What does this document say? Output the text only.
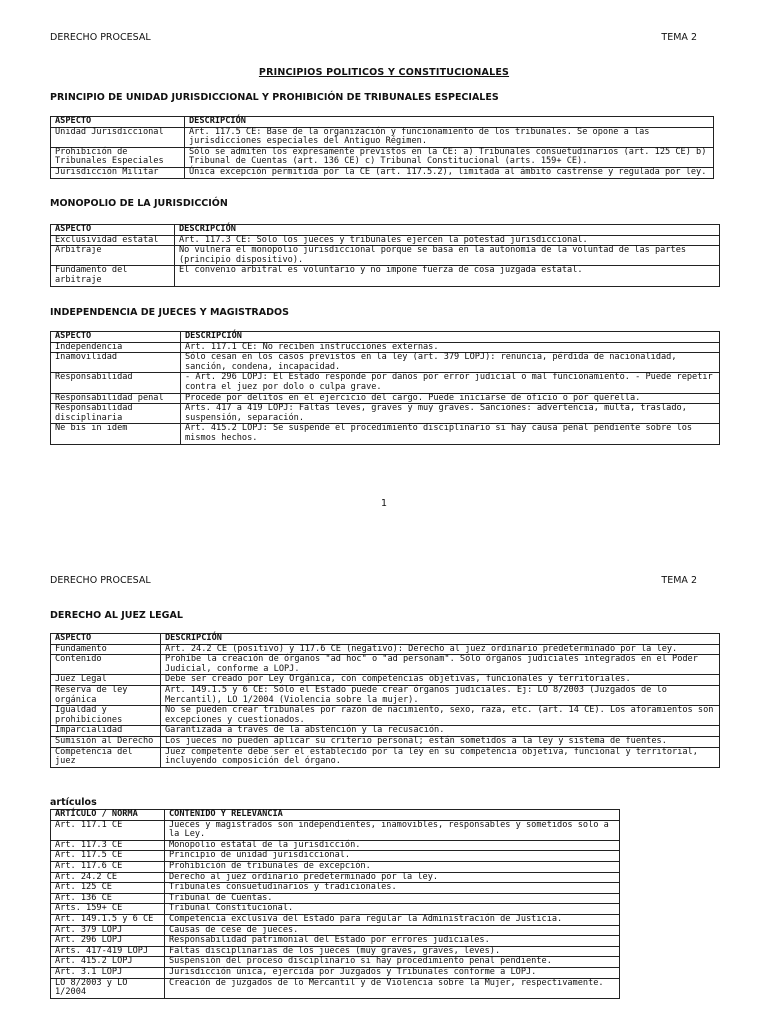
DERECHO PROCESAL	TEMA 2
PRINCIPIOS POLITICOS Y CONSTITUCIONALES
PRINCIPIO DE UNIDAD JURISDICCIONAL Y PROHIBICIÓN DE TRIBUNALES ESPECIALES
ASPECTO	DESCRIPCIÓN
Unidad Jurisdiccional	Art. 117.5 CE: Base de la organización y funcionamiento de los tribunales. Se opone a las jurisdicciones especiales del Antiguo Régimen.
Prohibición de Tribunales Especiales	Sólo se admiten los expresamente previstos en la CE: a) Tribunales consuetudinarios (art. 125 CE) b) Tribunal de Cuentas (art. 136 CE) c) Tribunal Constitucional (arts. 159+ CE).
Jurisdicción Militar	Única excepción permitida por la CE (art. 117.5.2), limitada al ámbito castrense y regulada por ley.
MONOPOLIO DE LA JURISDICCIÓN
ASPECTO	DESCRIPCIÓN
Exclusividad estatal	Art. 117.3 CE: Solo los jueces y tribunales ejercen la potestad jurisdiccional.
Arbitraje	No vulnera el monopolio jurisdiccional porque se basa en la autonomía de la voluntad de las partes (principio dispositivo).
Fundamento del arbitraje	El convenio arbitral es voluntario y no impone fuerza de cosa juzgada estatal.
INDEPENDENCIA DE JUECES Y MAGISTRADOS
ASPECTO	DESCRIPCIÓN
Independencia	Art. 117.1 CE: No reciben instrucciones externas.
Inamovilidad	Sólo cesan en los casos previstos en la ley (art. 379 LOPJ): renuncia, pérdida de nacionalidad, sanción, condena, incapacidad.
Responsabilidad	- Art. 296 LOPJ: El Estado responde por daños por error judicial o mal funcionamiento. - Puede repetir contra el juez por dolo o culpa grave.
Responsabilidad penal	Procede por delitos en el ejercicio del cargo. Puede iniciarse de oficio o por querella.
Responsabilidad disciplinaria	Arts. 417 a 419 LOPJ: Faltas leves, graves y muy graves. Sanciones: advertencia, multa, traslado, suspensión, separación.
Ne bis in idem	Art. 415.2 LOPJ: Se suspende el procedimiento disciplinario si hay causa penal pendiente sobre los mismos hechos.
1
DERECHO PROCESAL	TEMA 2
DERECHO AL JUEZ LEGAL
ASPECTO	DESCRIPCIÓN
Fundamento	Art. 24.2 CE (positivo) y 117.6 CE (negativo): Derecho al juez ordinario predeterminado por la ley.
Contenido	Prohíbe la creación de órganos "ad hoc" o "ad personam". Sólo órganos judiciales integrados en el Poder Judicial, conforme a LOPJ.
Juez Legal	Debe ser creado por Ley Orgánica, con competencias objetivas, funcionales y territoriales.
Reserva de ley orgánica	Art. 149.1.5 y 6 CE: Sólo el Estado puede crear órganos judiciales. Ej: LO 8/2003 (Juzgados de lo Mercantil), LO 1/2004 (Violencia sobre la mujer).
Igualdad y prohibiciones	No se pueden crear tribunales por razón de nacimiento, sexo, raza, etc. (art. 14 CE). Los aforamientos son excepciones y cuestionados.
Imparcialidad	Garantizada a través de la abstención y la recusación.
Sumisión al Derecho	Los jueces no pueden aplicar su criterio personal; están sometidos a la ley y sistema de fuentes.
Competencia del juez	Juez competente debe ser el establecido por la ley en su competencia objetiva, funcional y territorial, incluyendo composición del órgano.
artículos
ARTÍCULO / NORMA	CONTENIDO Y RELEVANCIA
Art. 117.1 CE	Jueces y magistrados son independientes, inamovibles, responsables y sometidos solo a la Ley.
Art. 117.3 CE	Monopolio estatal de la jurisdicción.
Art. 117.5 CE	Principio de unidad jurisdiccional.
Art. 117.6 CE	Prohibición de tribunales de excepción.
Art. 24.2 CE	Derecho al juez ordinario predeterminado por la ley.
Art. 125 CE	Tribunales consuetudinarios y tradicionales.
Art. 136 CE	Tribunal de Cuentas.
Arts. 159+ CE	Tribunal Constitucional.
Art. 149.1.5 y 6 CE	Competencia exclusiva del Estado para regular la Administración de Justicia.
Art. 379 LOPJ	Causas de cese de jueces.
Art. 296 LOPJ	Responsabilidad patrimonial del Estado por errores judiciales.
Arts. 417-419 LOPJ	Faltas disciplinarias de los jueces (muy graves, graves, leves).
Art. 415.2 LOPJ	Suspensión del proceso disciplinario si hay procedimiento penal pendiente.
Art. 3.1 LOPJ	Jurisdicción única, ejercida por Juzgados y Tribunales conforme a LOPJ.
LO 8/2003 y LO 1/2004	Creación de juzgados de lo Mercantil y de Violencia sobre la Mujer, respectivamente.
